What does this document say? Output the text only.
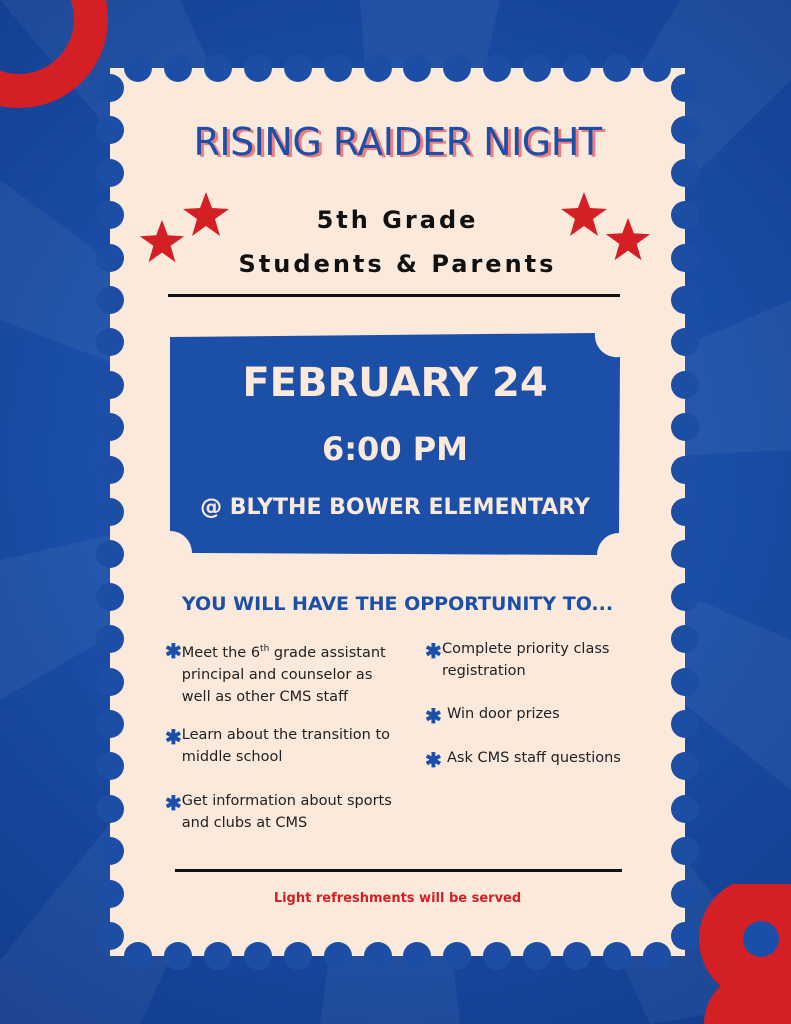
RISING RAIDER NIGHT
5th Grade
Students & Parents
FEBRUARY 24
6:00 PM
@ BLYTHE BOWER ELEMENTARY
YOU WILL HAVE THE OPPORTUNITY TO...
✱ Meet the 6th grade assistant principal and counselor as well as other CMS staff
✱ Learn about the transition to middle school
✱ Get information about sports and clubs at CMS
✱ Complete priority class registration
✱ Win door prizes
✱ Ask CMS staff questions
Light refreshments will be served
